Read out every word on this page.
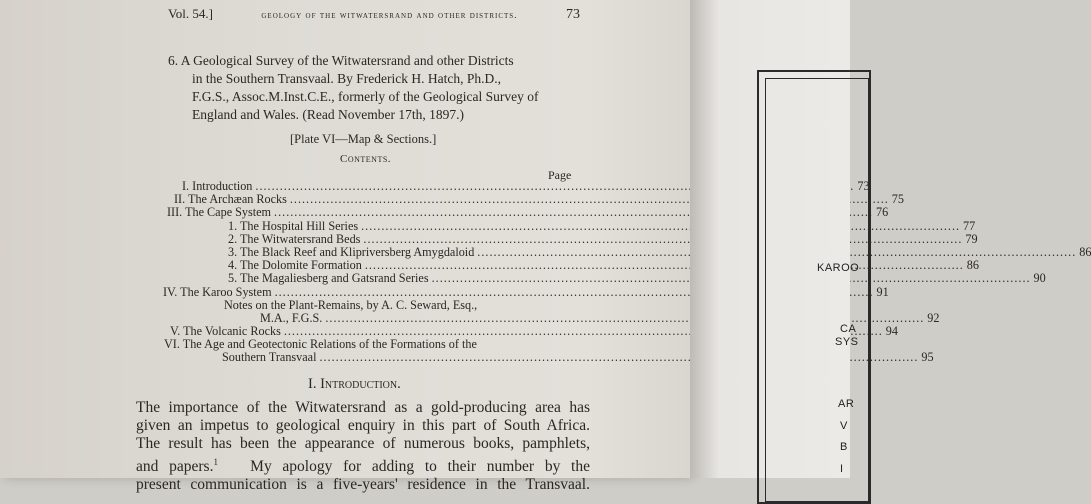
Vol. 54.]	geology of the witwatersrand and other districts.	73
6. A Geological Survey of the Witwatersrand and other Districts
in the Southern Transvaal. By Frederick H. Hatch, Ph.D.,
F.G.S., Assoc.M.Inst.C.E., formerly of the Geological Survey of
England and Wales. (Read November 17th, 1897.)
[Plate VI—Map & Sections.]
Contents.
Page
I. Introduction .....	73
II. The Archæan Rocks .....	75
III. The Cape System .....	76
1. The Hospital Hill Series .....	77
2. The Witwatersrand Beds .....	79
3. The Black Reef and Klipriversberg Amygdaloid .....	86
4. The Dolomite Formation .....	86
5. The Magaliesberg and Gatsrand Series .....	90
IV. The Karoo System .....	91
Notes on the Plant-Remains, by A. C. Seward, Esq.,
M.A., F.G.S. .....	92
V. The Volcanic Rocks .....	94
VI. The Age and Geotectonic Relations of the Formations of the
Southern Transvaal .....	95
I. Introduction.
The importance of the Witwatersrand as a gold-producing area has
given an impetus to geological enquiry in this part of South Africa.
The result has been the appearance of numerous books, pamphlets,
and papers.$^1$ My apology for adding to their number by the
present communication is a five-years' residence in the Transvaal.
KAROO
CA
SYS
AR
V
B
I
